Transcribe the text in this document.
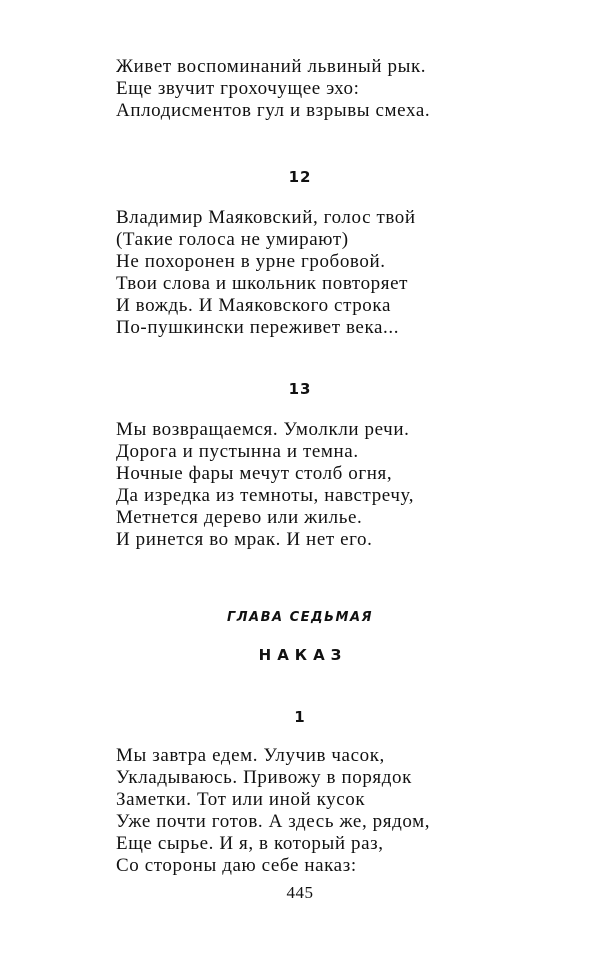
Живет воспоминаний львиный рык.
Еще звучит грохочущее эхо:
Аплодисментов гул и взрывы смеха.
12
Владимир Маяковский, голос твой
(Такие голоса не умирают)
Не похоронен в урне гробовой.
Твои слова и школьник повторяет
И вождь. И Маяковского строка
По-пушкински переживет века...
13
Мы возвращаемся. Умолкли речи.
Дорога и пустынна и темна.
Ночные фары мечут столб огня,
Да изредка из темноты, навстречу,
Метнется дерево или жилье.
И ринется во мрак. И нет его.
ГЛАВА СЕДЬМАЯ
НАКАЗ
1
Мы завтра едем. Улучив часок,
Укладываюсь. Привожу в порядок
Заметки. Тот или иной кусок
Уже почти готов. А здесь же, рядом,
Еще сырье. И я, в который раз,
Со стороны даю себе наказ:
445
